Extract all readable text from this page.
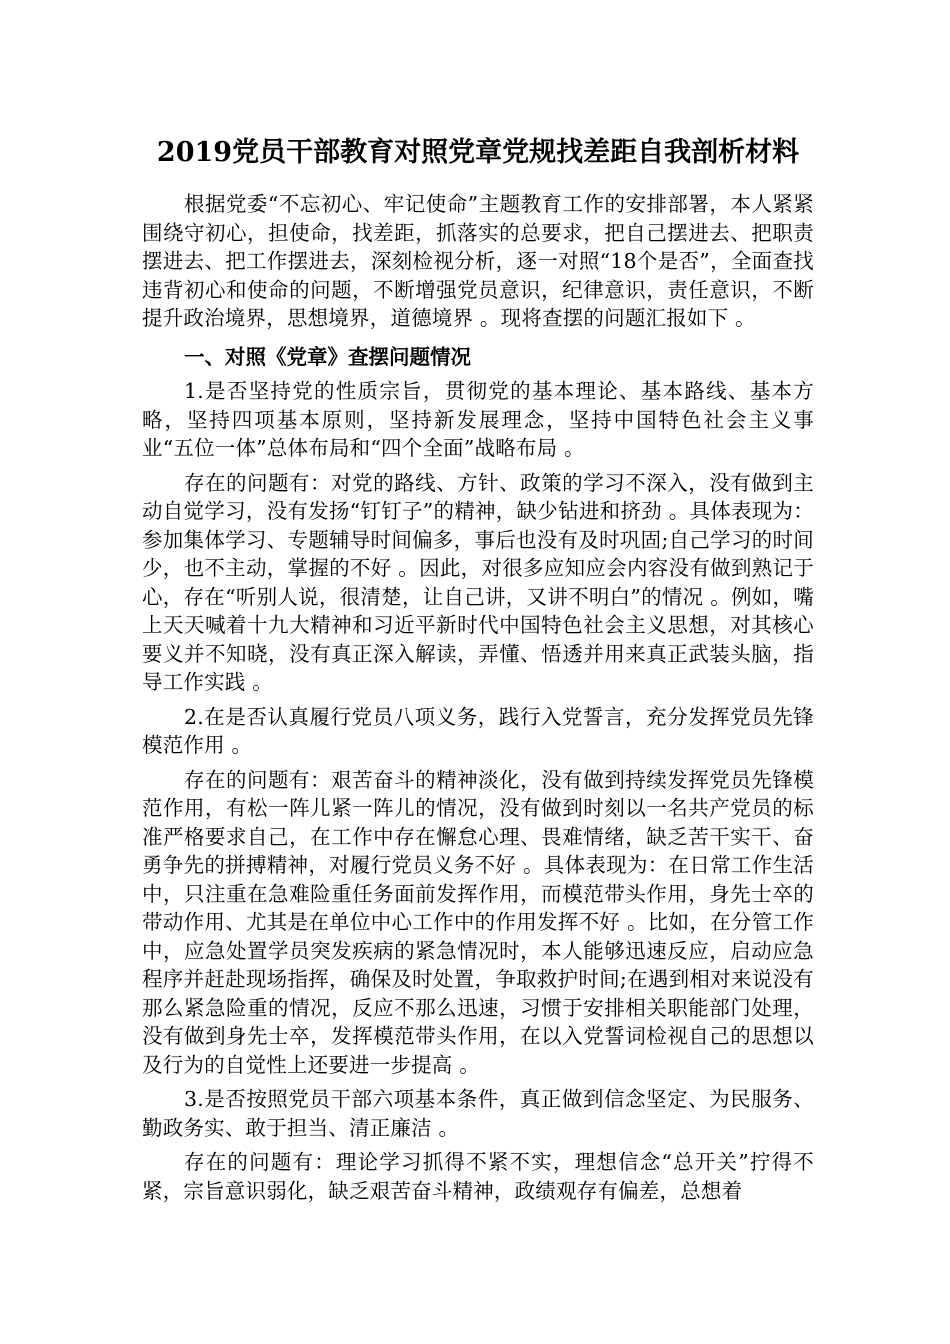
2019党员干部教育对照党章党规找差距自我剖析材料

根据党委“不忘初心、牢记使命”主题教育工作的安排部署，本人紧紧围绕守初心，担使命，找差距，抓落实的总要求，把自己摆进去、把职责摆进去、把工作摆进去，深刻检视分析，逐一对照“18个是否”，全面查找违背初心和使命的问题，不断增强党员意识，纪律意识，责任意识，不断提升政治境界，思想境界，道德境界 。现将查摆的问题汇报如下 。

一、对照《党章》查摆问题情况

1.是否坚持党的性质宗旨，贯彻党的基本理论、基本路线、基本方略，坚持四项基本原则，坚持新发展理念，坚持中国特色社会主义事业“五位一体”总体布局和“四个全面”战略布局 。

存在的问题有：对党的路线、方针、政策的学习不深入，没有做到主动自觉学习，没有发扬“钉钉子”的精神，缺少钻进和挤劲 。具体表现为：参加集体学习、专题辅导时间偏多，事后也没有及时巩固;自己学习的时间少，也不主动，掌握的不好 。因此，对很多应知应会内容没有做到熟记于心，存在“听别人说，很清楚，让自己讲，又讲不明白”的情况 。例如，嘴上天天喊着十九大精神和习近平新时代中国特色社会主义思想，对其核心要义并不知晓，没有真正深入解读，弄懂、悟透并用来真正武装头脑，指导工作实践 。

2.在是否认真履行党员八项义务，践行入党誓言，充分发挥党员先锋模范作用 。

存在的问题有：艰苦奋斗的精神淡化，没有做到持续发挥党员先锋模范作用，有松一阵儿紧一阵儿的情况，没有做到时刻以一名共产党员的标准严格要求自己，在工作中存在懈怠心理、畏难情绪，缺乏苦干实干、奋勇争先的拼搏精神，对履行党员义务不好 。具体表现为：在日常工作生活中，只注重在急难险重任务面前发挥作用，而模范带头作用，身先士卒的带动作用、尤其是在单位中心工作中的作用发挥不好 。比如，在分管工作中，应急处置学员突发疾病的紧急情况时，本人能够迅速反应，启动应急程序并赶赴现场指挥，确保及时处置，争取救护时间;在遇到相对来说没有那么紧急险重的情况，反应不那么迅速，习惯于安排相关职能部门处理，没有做到身先士卒，发挥模范带头作用，在以入党誓词检视自己的思想以及行为的自觉性上还要进一步提高 。

3.是否按照党员干部六项基本条件，真正做到信念坚定、为民服务、勤政务实、敢于担当、清正廉洁 。

存在的问题有：理论学习抓得不紧不实，理想信念“总开关”拧得不紧，宗旨意识弱化，缺乏艰苦奋斗精神，政绩观存有偏差，总想着
